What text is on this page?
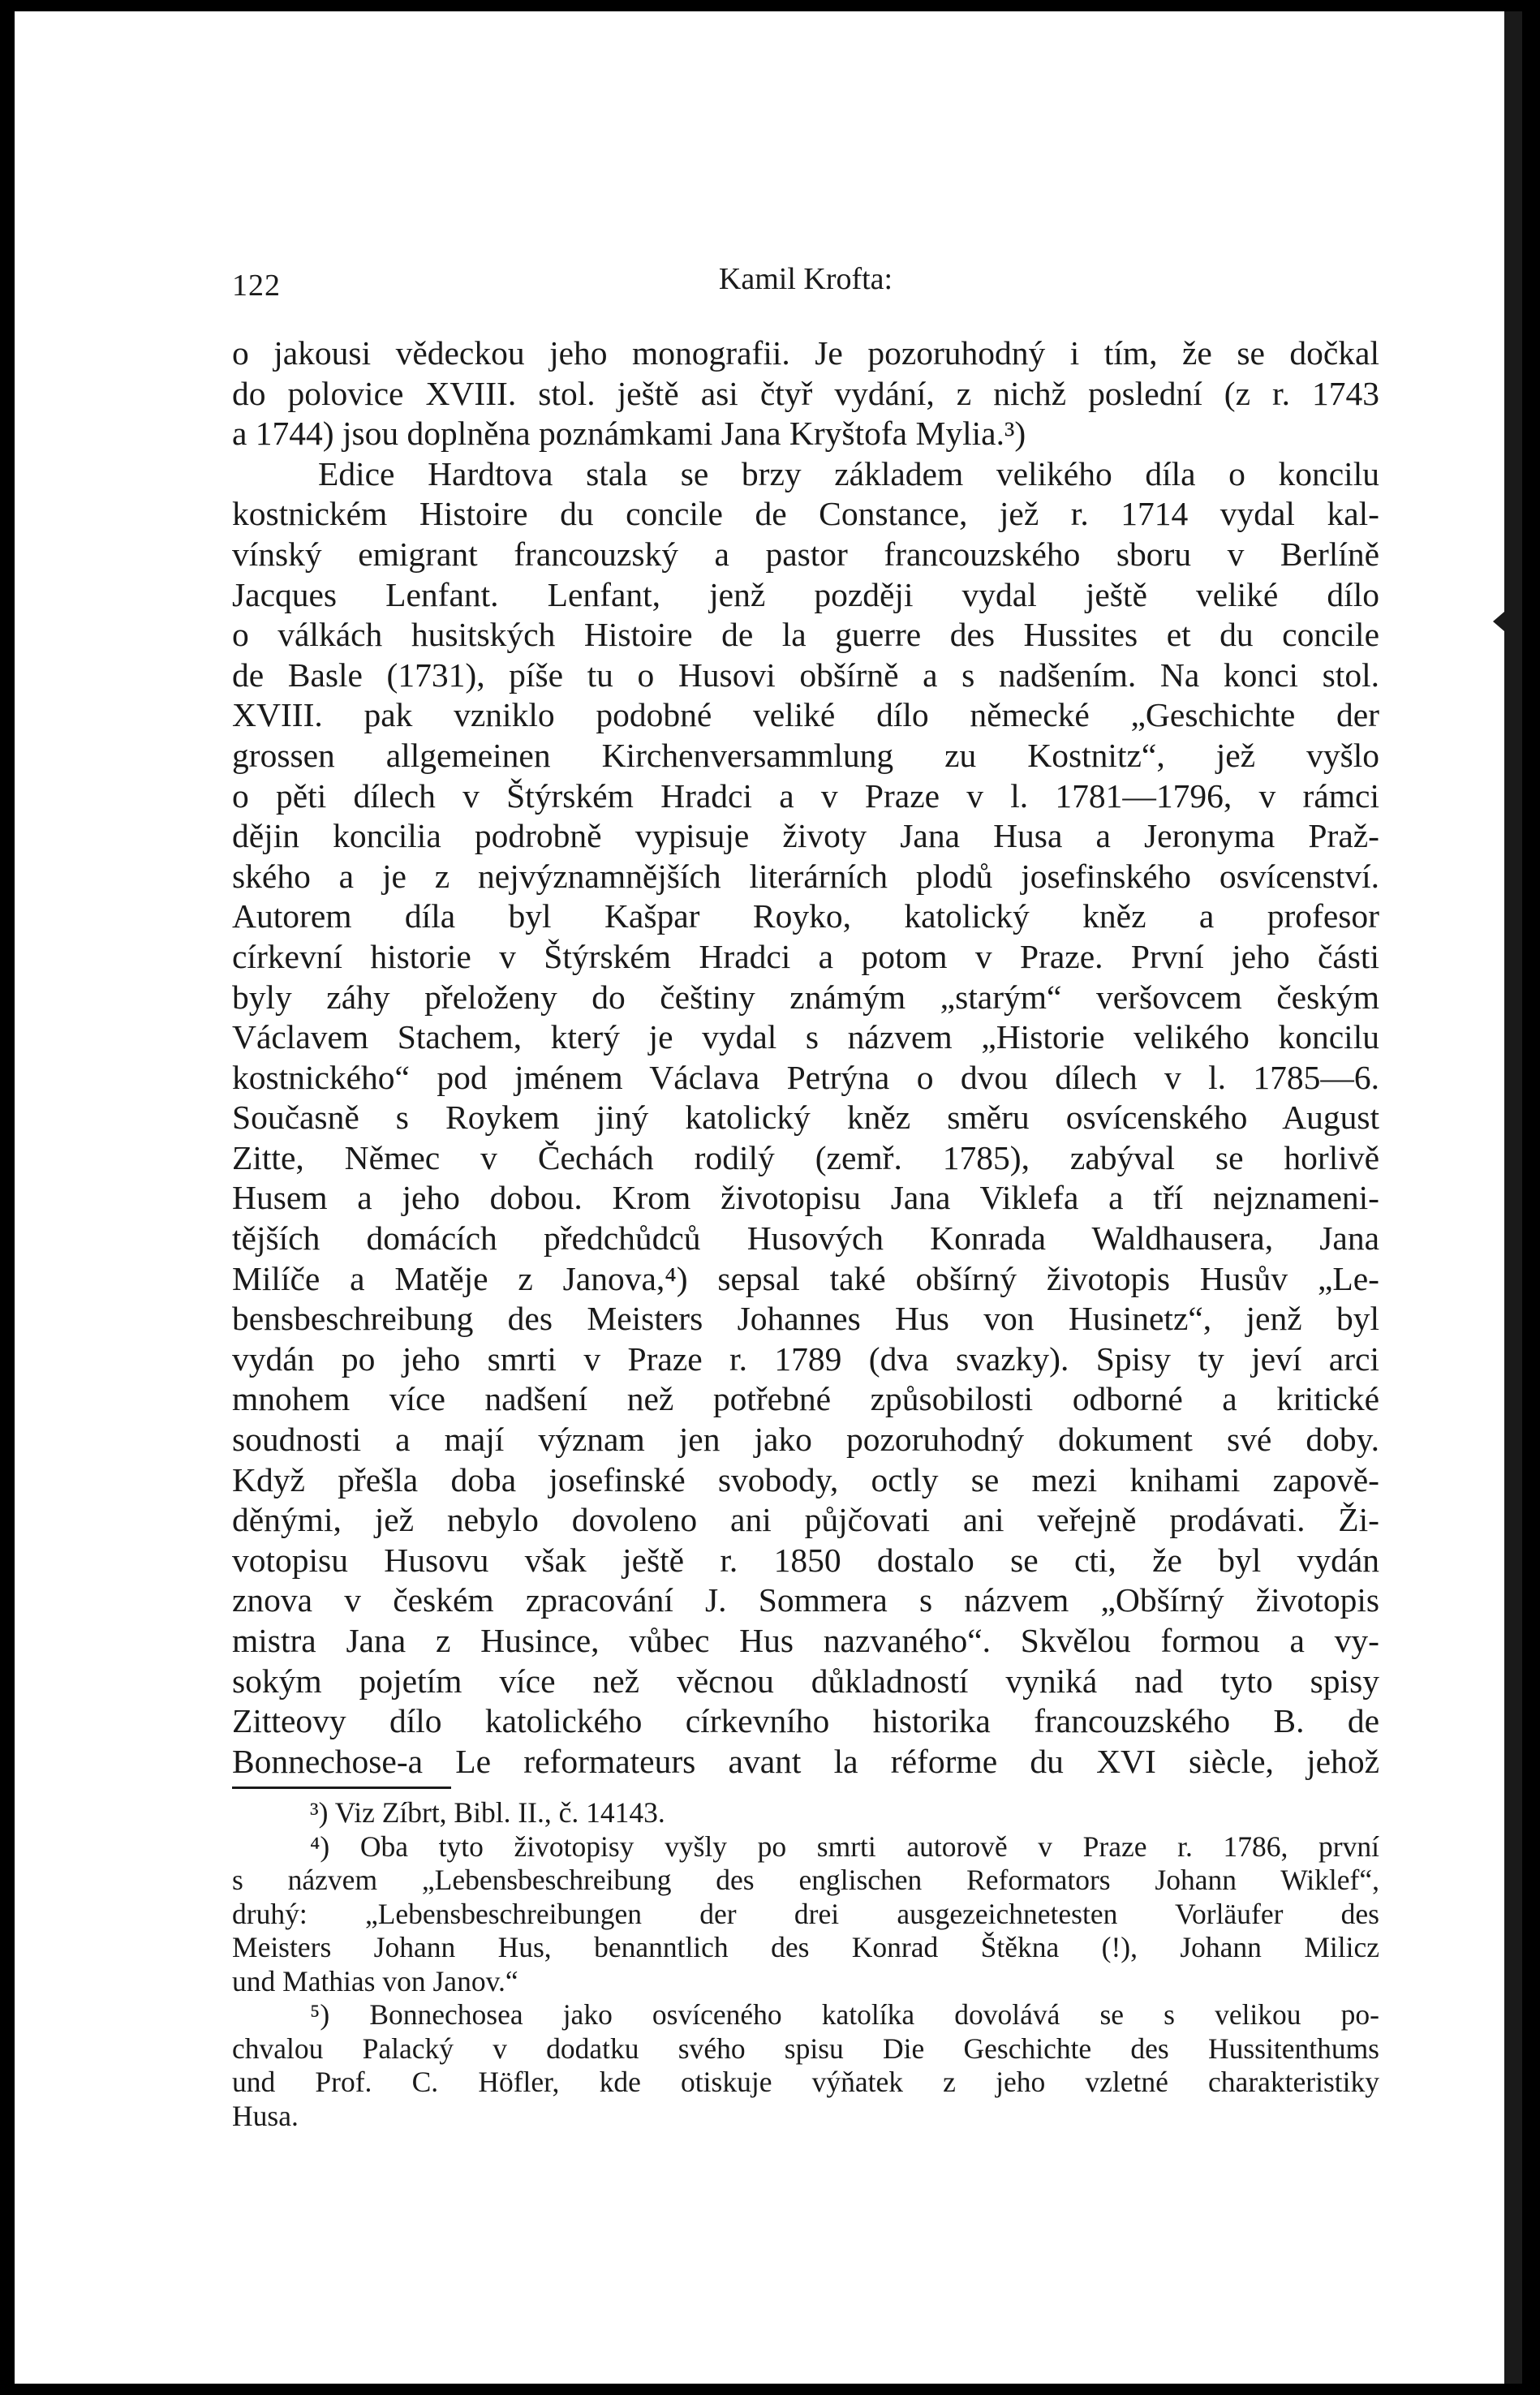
122	Kamil Krofta:
o jakousi vědeckou jeho monografii. Je pozoruhodný i tím, že se dočkal
do polovice XVIII. stol. ještě asi čtyř vydání, z nichž poslední (z r. 1743
a 1744) jsou doplněna poznámkami Jana Kryštofa Mylia.³)
Edice Hardtova stala se brzy základem velikého díla o koncilu
kostnickém Histoire du concile de Constance, jež r. 1714 vydal kal-
vínský emigrant francouzský a pastor francouzského sboru v Berlíně
Jacques Lenfant. Lenfant, jenž později vydal ještě veliké dílo
o válkách husitských Histoire de la guerre des Hussites et du concile
de Basle (1731), píše tu o Husovi obšírně a s nadšením. Na konci stol.
XVIII. pak vzniklo podobné veliké dílo německé „Geschichte der
grossen allgemeinen Kirchenversammlung zu Kostnitz“, jež vyšlo
o pěti dílech v Štýrském Hradci a v Praze v l. 1781—1796, v rámci
dějin koncilia podrobně vypisuje životy Jana Husa a Jeronyma Praž-
ského a je z nejvýznamnějších literárních plodů josefinského osvícenství.
Autorem díla byl Kašpar Royko, katolický kněz a profesor
církevní historie v Štýrském Hradci a potom v Praze. První jeho části
byly záhy přeloženy do češtiny známým „starým“ veršovcem českým
Václavem Stachem, který je vydal s názvem „Historie velikého koncilu
kostnického“ pod jménem Václava Petrýna o dvou dílech v l. 1785—6.
Současně s Roykem jiný katolický kněz směru osvícenského August
Zitte, Němec v Čechách rodilý (zemř. 1785), zabýval se horlivě
Husem a jeho dobou. Krom životopisu Jana Viklefa a tří nejznameni-
tějších domácích předchůdců Husových Konrada Waldhausera, Jana
Milíče a Matěje z Janova,⁴) sepsal také obšírný životopis Husův „Le-
bensbeschreibung des Meisters Johannes Hus von Husinetz“, jenž byl
vydán po jeho smrti v Praze r. 1789 (dva svazky). Spisy ty jeví arci
mnohem více nadšení než potřebné způsobilosti odborné a kritické
soudnosti a mají význam jen jako pozoruhodný dokument své doby.
Když přešla doba josefinské svobody, octly se mezi knihami zapově-
děnými, jež nebylo dovoleno ani půjčovati ani veřejně prodávati. Ži-
votopisu Husovu však ještě r. 1850 dostalo se cti, že byl vydán
znova v českém zpracování J. Sommera s názvem „Obšírný životopis
mistra Jana z Husince, vůbec Hus nazvaného“. Skvělou formou a vy-
sokým pojetím více než věcnou důkladností vyniká nad tyto spisy
Zitteovy dílo katolického církevního historika francouzského B. de
Bonnechose-a Le reformateurs avant la réforme du XVI siècle, jehož
³) Viz Zíbrt, Bibl. II., č. 14143.
⁴) Oba tyto životopisy vyšly po smrti autorově v Praze r. 1786, první
s názvem „Lebensbeschreibung des englischen Reformators Johann Wiklef“,
druhý: „Lebensbeschreibungen der drei ausgezeichnetesten Vorläufer des
Meisters Johann Hus, benanntlich des Konrad Štěkna (!), Johann Milicz
und Mathias von Janov.“
⁵) Bonnechosea jako osvíceného katolíka dovolává se s velikou po-
chvalou Palacký v dodatku svého spisu Die Geschichte des Hussitenthums
und Prof. C. Höfler, kde otiskuje výňatek z jeho vzletné charakteristiky
Husa.
